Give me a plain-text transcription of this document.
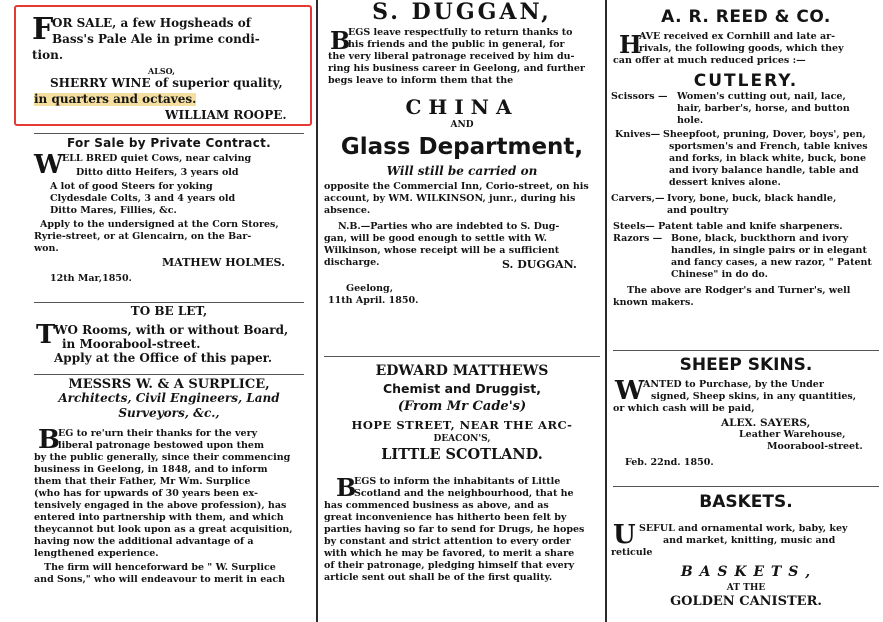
F
OR SALE, a few Hogsheads of
Bass's Pale Ale in prime condi-
tion.
ALSO,
SHERRY WINE of superior quality,
in quarters and octaves.
WILLIAM ROOPE.
For Sale by Private Contract.
W
ELL BRED quiet Cows, near calving
Ditto ditto Heifers, 3 years old
A lot of good Steers for yoking
Clydesdale Colts, 3 and 4 years old
Ditto Mares, Fillies, &c.
Apply to the undersigned at the Corn Stores,
Ryrie-street, or at Glencairn, on the Bar-
won.
MATHEW HOLMES.
12th Mar,1850.
TO BE LET,
T
WO Rooms, with or without Board,
in Moorabool-street.
Apply at the Office of this paper.
MESSRS W. & A SURPLICE,
Architects, Civil Engineers, Land
Surveyors, &c.,
B
EG to re'urn their thanks for the very
liberal patronage bestowed upon them
by the public generally, since their commencing
business in Geelong, in 1848, and to inform
them that their Father, Mr Wm. Surplice
(who has for upwards of 30 years been ex-
tensively engaged in the above profession), has
entered into partnership with them, and which
theycannot but look upon as a great acquisition,
having now the additional advantage of a
lengthened experience.
The firm will henceforward be " W. Surplice
and Sons," who will endeavour to merit in each
S. DUGGAN,
B
EGS leave respectfully to return thanks to
his friends and the public in general, for
the very liberal patronage received by him du-
ring his business career in Geelong, and further
begs leave to inform them that the
CHINA
AND
Glass Department,
Will still be carried on
opposite the Commercial Inn, Corio-street, on his
account, by WM. WILKINSON, junr., during his
absence.
N.B.—Parties who are indebted to S. Dug-
gan, will be good enough to settle with W.
Wilkinson, whose receipt will be a sufficient
discharge.	S. DUGGAN.
Geelong,
11th April. 1850.
EDWARD MATTHEWS
Chemist and Druggist,
(From Mr Cade's)
HOPE STREET, NEAR THE ARC-
DEACON'S,
LITTLE SCOTLAND.
B
EGS to inform the inhabitants of Little
Scotland and the neighbourhood, that he
has commenced business as above, and as
great inconvenience has hitherto been felt by
parties having so far to send for Drugs, he hopes
by constant and strict attention to every order
with which he may be favored, to merit a share
of their patronage, pledging himself that every
article sent out shall be of the first quality.
A. R. REED & CO.
H
AVE received ex Cornhill and late ar-
rivals, the following goods, which they
can offer at much reduced prices :—
CUTLERY.
Scissors — Women's cutting out, nail, lace,
hair, barber's, horse, and button
hole.
Knives— Sheepfoot, pruning, Dover, boys', pen,
sportsmen's and French, table knives
and forks, in black white, buck, bone
and ivory balance handle, table and
dessert knives alone.
Carvers,— Ivory, bone, buck, black handle,
and poultry
Steels— Patent table and knife sharpeners.
Razors — Bone, black, buckthorn and ivory
handles, in single pairs or in elegant
and fancy cases, a new razor, " Patent
Chinese" in do do.
The above are Rodger's and Turner's, well
known makers.
SHEEP SKINS.
W
ANTED to Purchase, by the Under
signed, Sheep skins, in any quantities,
or which cash will be paid,
ALEX. SAYERS,
Leather Warehouse,
Moorabool-street.
Feb. 22nd. 1850.
BASKETS.
U SEFUL and ornamental work, baby, key
and market, knitting, music and
reticule
B A S K E T S ,
AT THE
GOLDEN CANISTER.
